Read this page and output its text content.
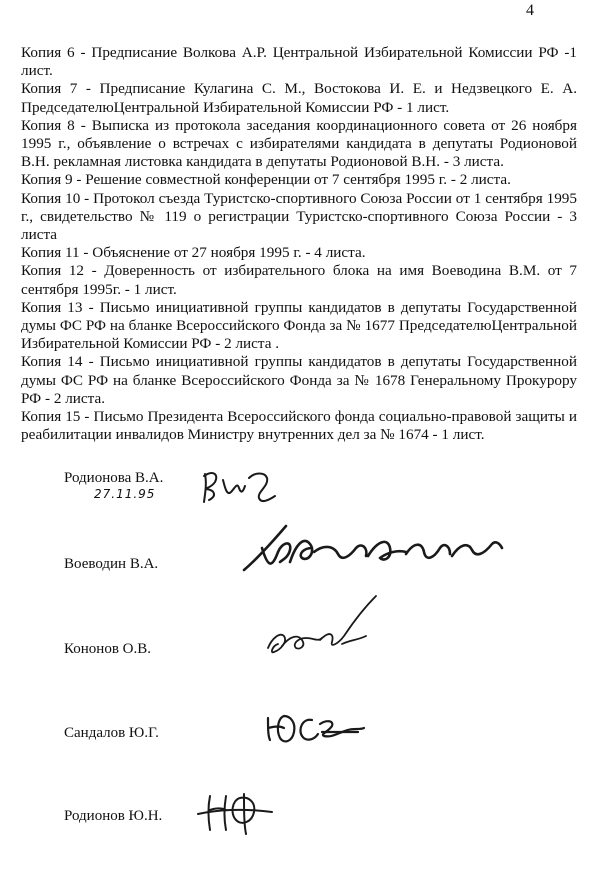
4

Копия 6 - Предписание Волкова А.Р. Центральной Избирательной Комиссии РФ -1 лист.

Копия 7 - Предписание Кулагина С. М., Востокова И. Е. и Недзвецкого Е. А. ПредседателюЦентральной Избирательной Комиссии РФ - 1 лист.

Копия 8 - Выписка из протокола заседания координационного совета от 26 ноября 1995 г., объявление о встречах с избирателями кандидата в депутаты Родионовой В.Н. рекламная листовка кандидата в депутаты Родионовой В.Н. - 3 листа.

Копия 9 - Решение совместной конференции от 7 сентября 1995 г. - 2 листа.

Копия 10 - Протокол съезда Туристско-спортивного Союза России от 1 сентября 1995 г., свидетельство № 119 о регистрации Туристско-спортивного Союза России - 3 листа

Копия 11 - Объяснение от 27 ноября 1995 г. - 4 листа.

Копия 12 - Доверенность от избирательного блока на имя Воеводина В.М. от 7 сентября 1995г. - 1 лист.

Копия 13 - Письмо инициативной группы кандидатов в депутаты Государственной думы ФС РФ на бланке Всероссийского Фонда за № 1677 ПредседателюЦентральной Избирательной Комиссии РФ - 2 листа .

Копия 14 - Письмо инициативной группы кандидатов в депутаты Государственной думы ФС РФ на бланке Всероссийского Фонда за № 1678 Генеральному Прокурору РФ - 2 листа.

Копия 15 - Письмо Президента Всероссийского фонда социально-правовой защиты и реабилитации инвалидов Министру внутренних дел за № 1674 - 1 лист.

Родионова В.А.
27.11.95
Воеводин В.А.
Кононов О.В.
Сандалов Ю.Г.
Родионов Ю.Н.
